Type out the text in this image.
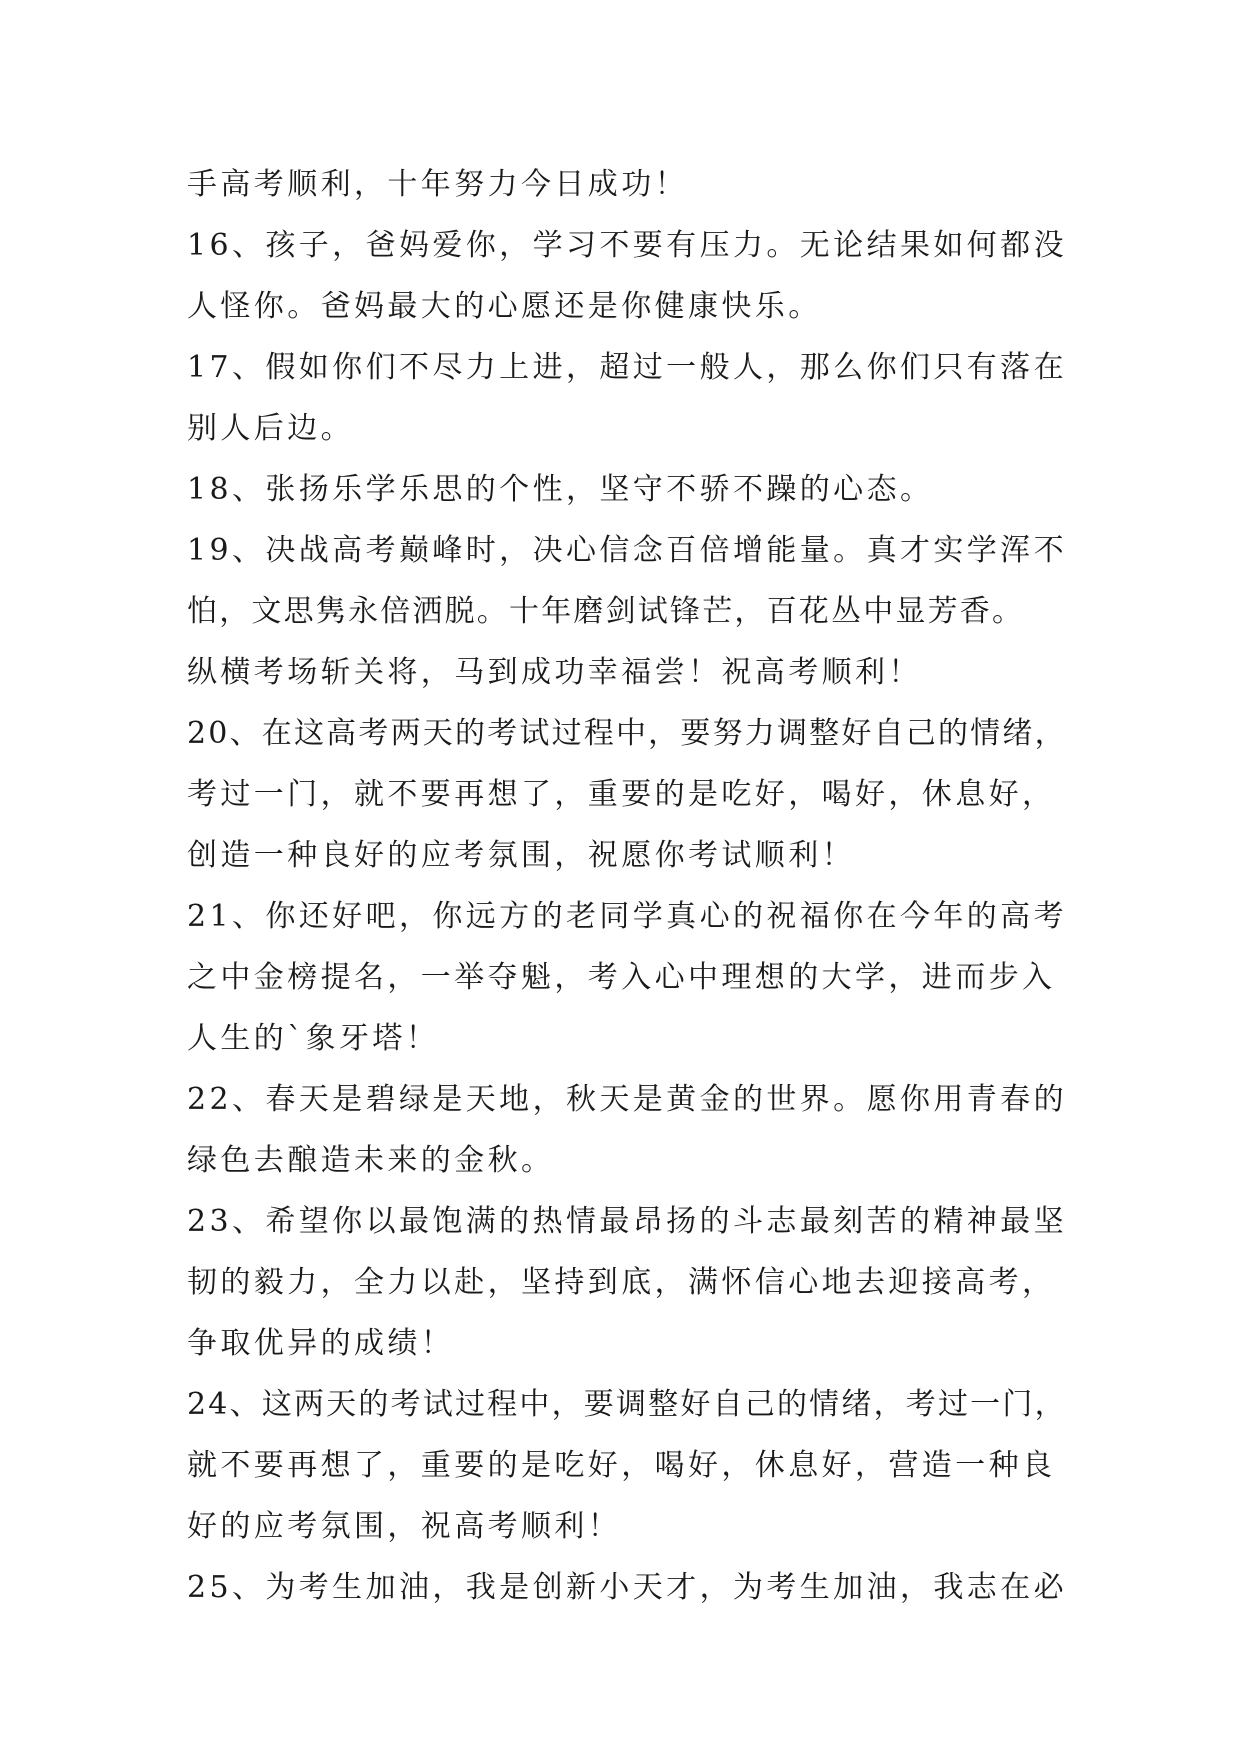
手高考顺利，十年努力今日成功！
16、孩子，爸妈爱你，学习不要有压力。无论结果如何都没
人怪你。爸妈最大的心愿还是你健康快乐。
17、假如你们不尽力上进，超过一般人，那么你们只有落在
别人后边。
18、张扬乐学乐思的个性，坚守不骄不躁的心态。
19、决战高考巅峰时，决心信念百倍增能量。真才实学浑不
怕，文思隽永倍洒脱。十年磨剑试锋芒，百花丛中显芳香。
纵横考场斩关将，马到成功幸福尝！祝高考顺利！
20、在这高考两天的考试过程中，要努力调整好自己的情绪，
考过一门，就不要再想了，重要的是吃好，喝好，休息好，
创造一种良好的应考氛围，祝愿你考试顺利！
21、你还好吧，你远方的老同学真心的祝福你在今年的高考
之中金榜提名，一举夺魁，考入心中理想的大学，进而步入
人生的`象牙塔！
22、春天是碧绿是天地，秋天是黄金的世界。愿你用青春的
绿色去酿造未来的金秋。
23、希望你以最饱满的热情最昂扬的斗志最刻苦的精神最坚
韧的毅力，全力以赴，坚持到底，满怀信心地去迎接高考，
争取优异的成绩！
24、这两天的考试过程中，要调整好自己的情绪，考过一门，
就不要再想了，重要的是吃好，喝好，休息好，营造一种良
好的应考氛围，祝高考顺利！
25、为考生加油，我是创新小天才，为考生加油，我志在必
